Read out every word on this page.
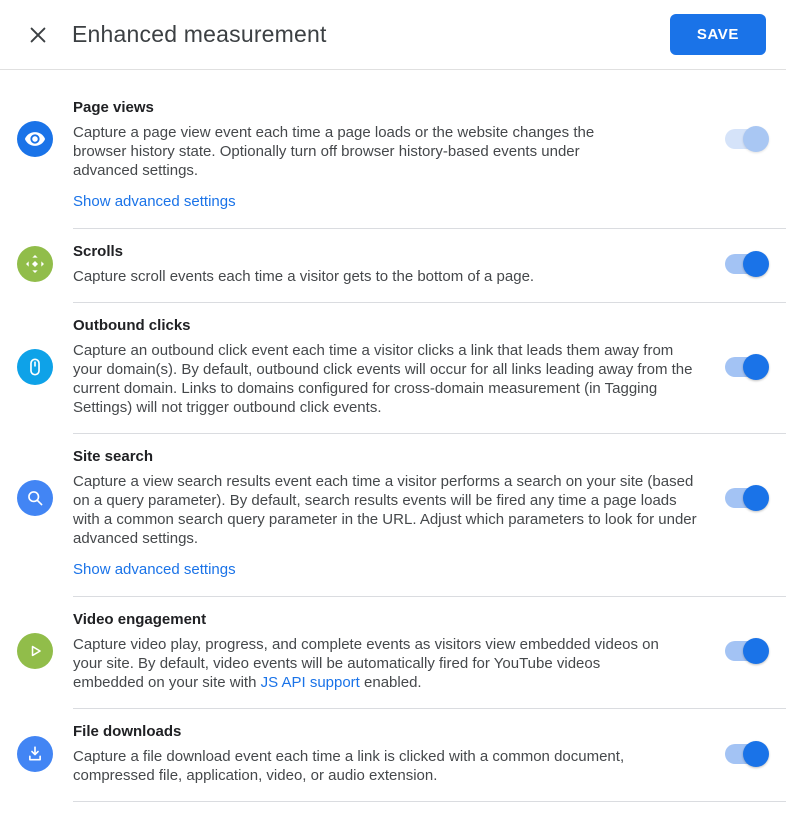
Enhanced measurement	SAVE
Page views
Capture a page view event each time a page loads or the website changes the browser history state. Optionally turn off browser history-based events under advanced settings.
Show advanced settings
Scrolls
Capture scroll events each time a visitor gets to the bottom of a page.
Outbound clicks
Capture an outbound click event each time a visitor clicks a link that leads them away from your domain(s). By default, outbound click events will occur for all links leading away from the current domain. Links to domains configured for cross-domain measurement (in Tagging Settings) will not trigger outbound click events.
Site search
Capture a view search results event each time a visitor performs a search on your site (based on a query parameter). By default, search results events will be fired any time a page loads with a common search query parameter in the URL. Adjust which parameters to look for under advanced settings.
Show advanced settings
Video engagement
Capture video play, progress, and complete events as visitors view embedded videos on your site. By default, video events will be automatically fired for YouTube videos embedded on your site with JS API support enabled.
File downloads
Capture a file download event each time a link is clicked with a common document, compressed file, application, video, or audio extension.
